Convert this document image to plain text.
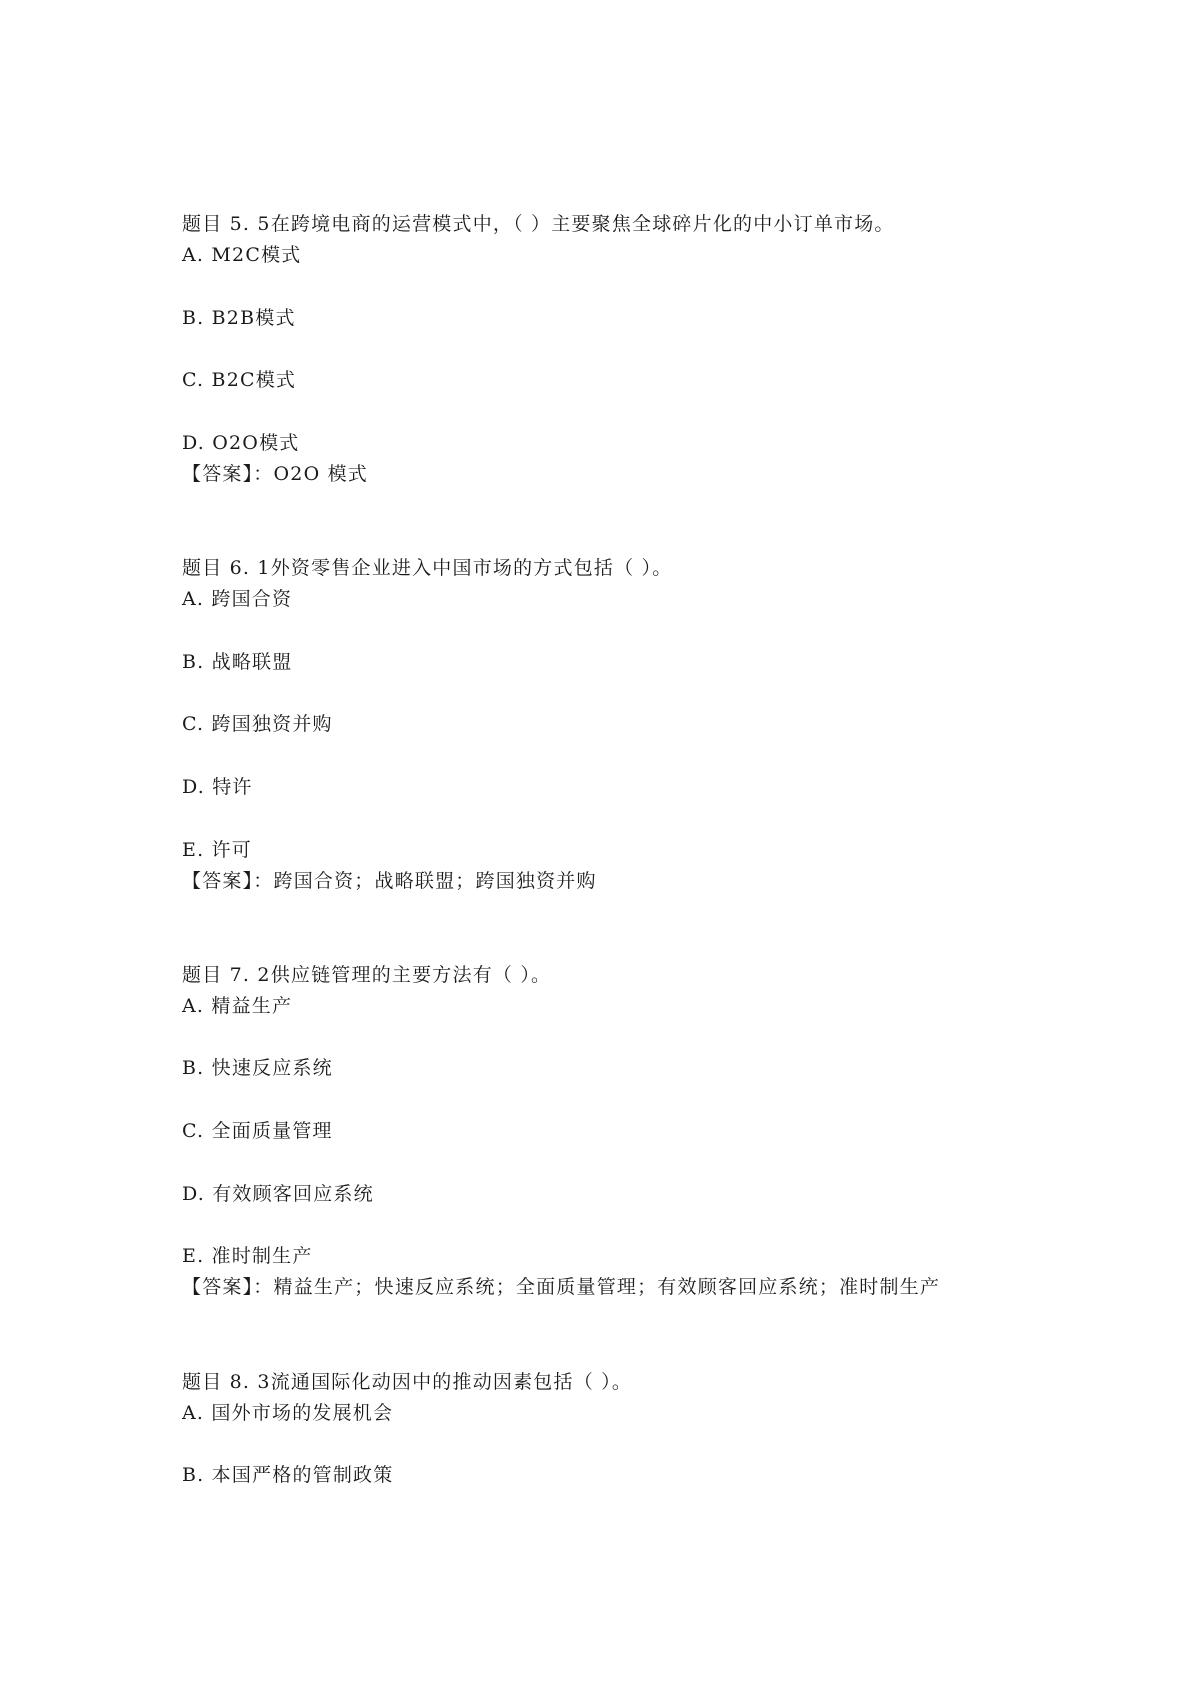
题目 5. 5在跨境电商的运营模式中，（ ）主要聚焦全球碎片化的中小订单市场。
A. M2C模式
B. B2B模式
C. B2C模式
D. O2O模式
【答案】：O2O 模式
题目 6. 1外资零售企业进入中国市场的方式包括（ ）。
A. 跨国合资
B. 战略联盟
C. 跨国独资并购
D. 特许
E. 许可
【答案】：跨国合资；战略联盟；跨国独资并购
题目 7. 2供应链管理的主要方法有（ ）。
A. 精益生产
B. 快速反应系统
C. 全面质量管理
D. 有效顾客回应系统
E. 准时制生产
【答案】：精益生产；快速反应系统；全面质量管理；有效顾客回应系统；准时制生产
题目 8. 3流通国际化动因中的推动因素包括（ ）。
A. 国外市场的发展机会
B. 本国严格的管制政策
